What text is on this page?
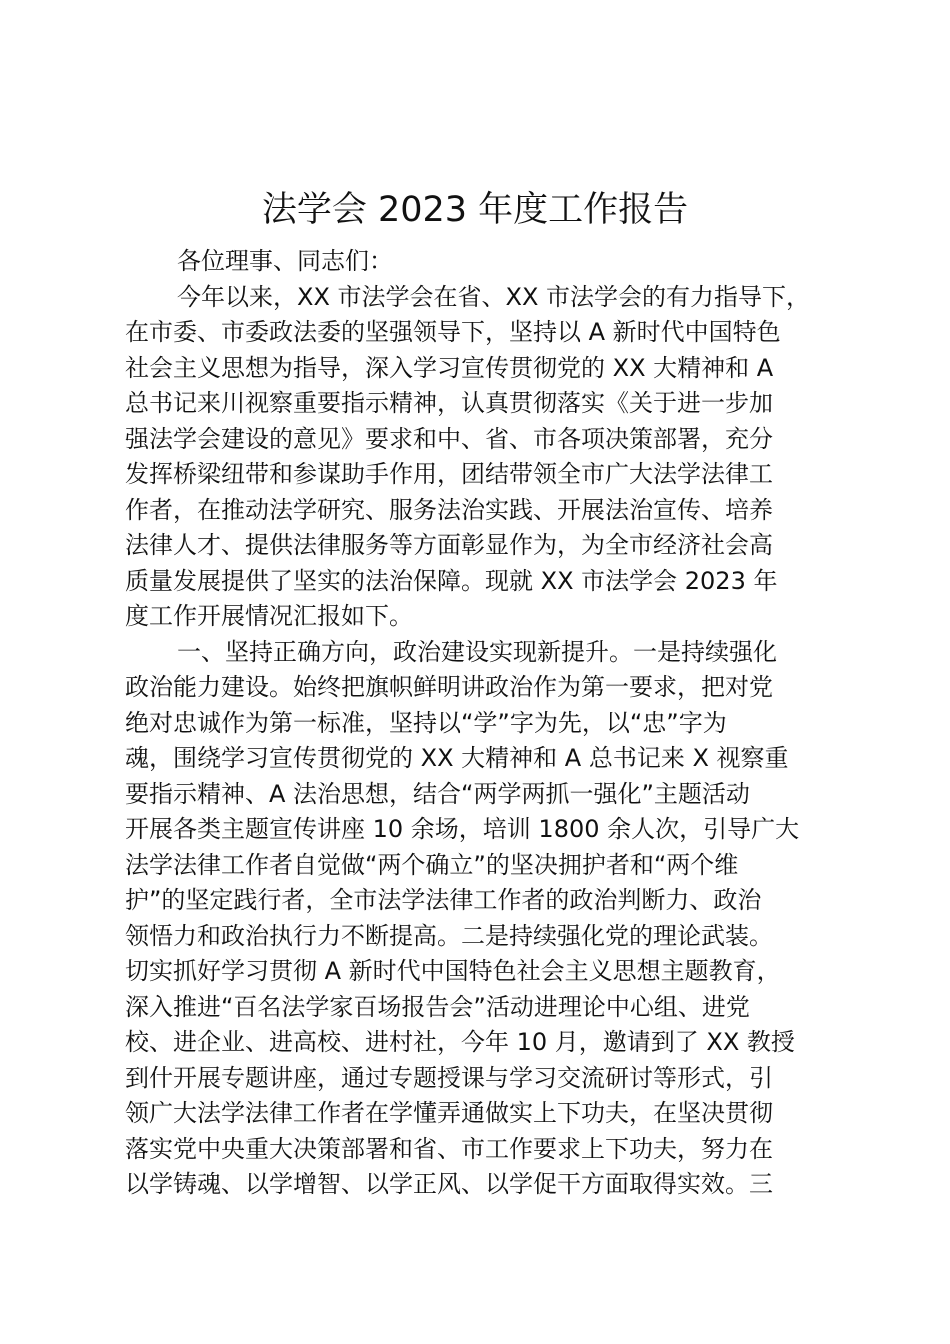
法学会 2023 年度工作报告
各位理事、同志们：
今年以来，XX 市法学会在省、XX 市法学会的有力指导下，
在市委、市委政法委的坚强领导下，坚持以 A 新时代中国特色
社会主义思想为指导，深入学习宣传贯彻党的 XX 大精神和 A
总书记来川视察重要指示精神，认真贯彻落实《关于进一步加
强法学会建设的意见》要求和中、省、市各项决策部署，充分
发挥桥梁纽带和参谋助手作用，团结带领全市广大法学法律工
作者，在推动法学研究、服务法治实践、开展法治宣传、培养
法律人才、提供法律服务等方面彰显作为，为全市经济社会高
质量发展提供了坚实的法治保障。现就 XX 市法学会 2023 年
度工作开展情况汇报如下。
一、坚持正确方向，政治建设实现新提升。一是持续强化
政治能力建设。始终把旗帜鲜明讲政治作为第一要求，把对党
绝对忠诚作为第一标准，坚持以“学”字为先，以“忠”字为
魂，围绕学习宣传贯彻党的 XX 大精神和 A 总书记来 X 视察重
要指示精神、A 法治思想，结合“两学两抓一强化”主题活动
开展各类主题宣传讲座 10 余场，培训 1800 余人次，引导广大
法学法律工作者自觉做“两个确立”的坚决拥护者和“两个维
护”的坚定践行者，全市法学法律工作者的政治判断力、政治
领悟力和政治执行力不断提高。二是持续强化党的理论武装。
切实抓好学习贯彻 A 新时代中国特色社会主义思想主题教育，
深入推进“百名法学家百场报告会”活动进理论中心组、进党
校、进企业、进高校、进村社，今年 10 月，邀请到了 XX 教授
到什开展专题讲座，通过专题授课与学习交流研讨等形式，引
领广大法学法律工作者在学懂弄通做实上下功夫，在坚决贯彻
落实党中央重大决策部署和省、市工作要求上下功夫，努力在
以学铸魂、以学增智、以学正风、以学促干方面取得实效。三
